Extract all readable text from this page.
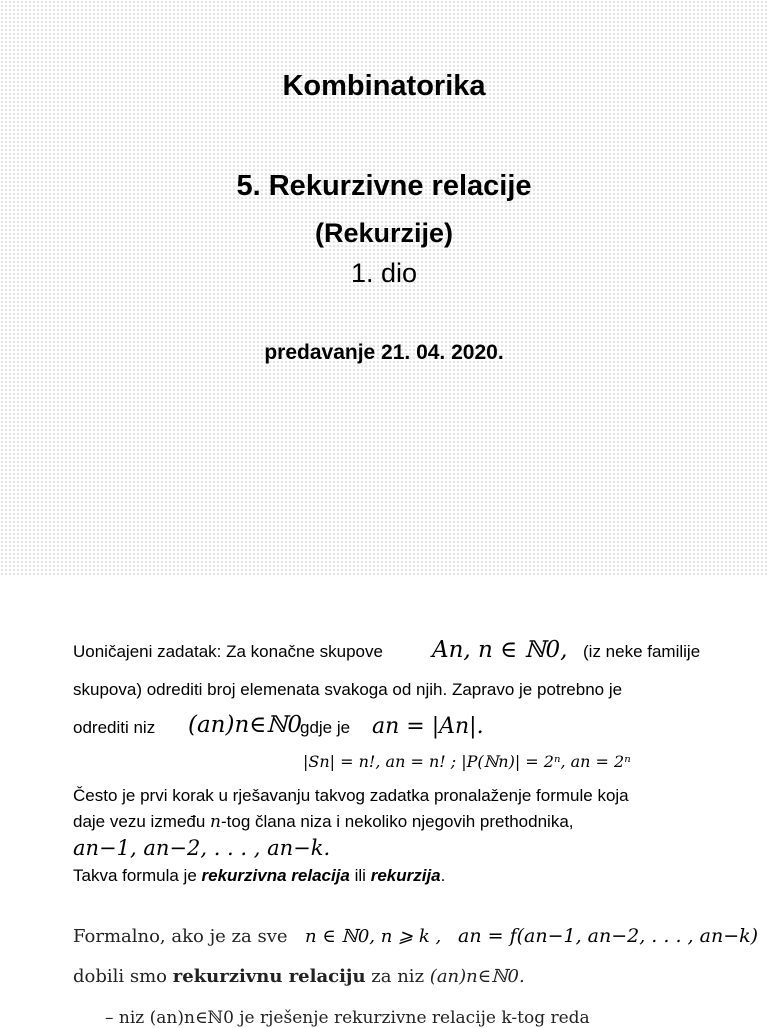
Kombinatorika
5. Rekurzivne relacije
(Rekurzije)
1. dio
predavanje 21. 04. 2020.
Uoničajeni zadatak: Za konačne skupove An, n ∈ ℕ0, (iz neke familije
skupova) odrediti broj elemenata svakoga od njih. Zapravo je potrebno je
odrediti niz (an)n∈ℕ0
gdje je an = |An|.
|Sn| = n!, an = n! ; |P(ℕn)| = 2ⁿ, an = 2ⁿ
Često je prvi korak u rješavanju takvog zadatka pronalaženje formule koja
daje vezu između n-tog člana niza i nekoliko njegovih prethodnika,
an−1, an−2, . . . , an−k.
Takva formula je rekurzivna relacija ili rekurzija.
Formalno, ako je za sve n ∈ ℕ0, n ⩾ k , an = f(an−1, an−2, . . . , an−k)
dobili smo rekurzivnu relaciju za niz (an)n∈ℕ0.
– niz (an)n∈ℕ0 je rješenje rekurzivne relacije k-tog reda
